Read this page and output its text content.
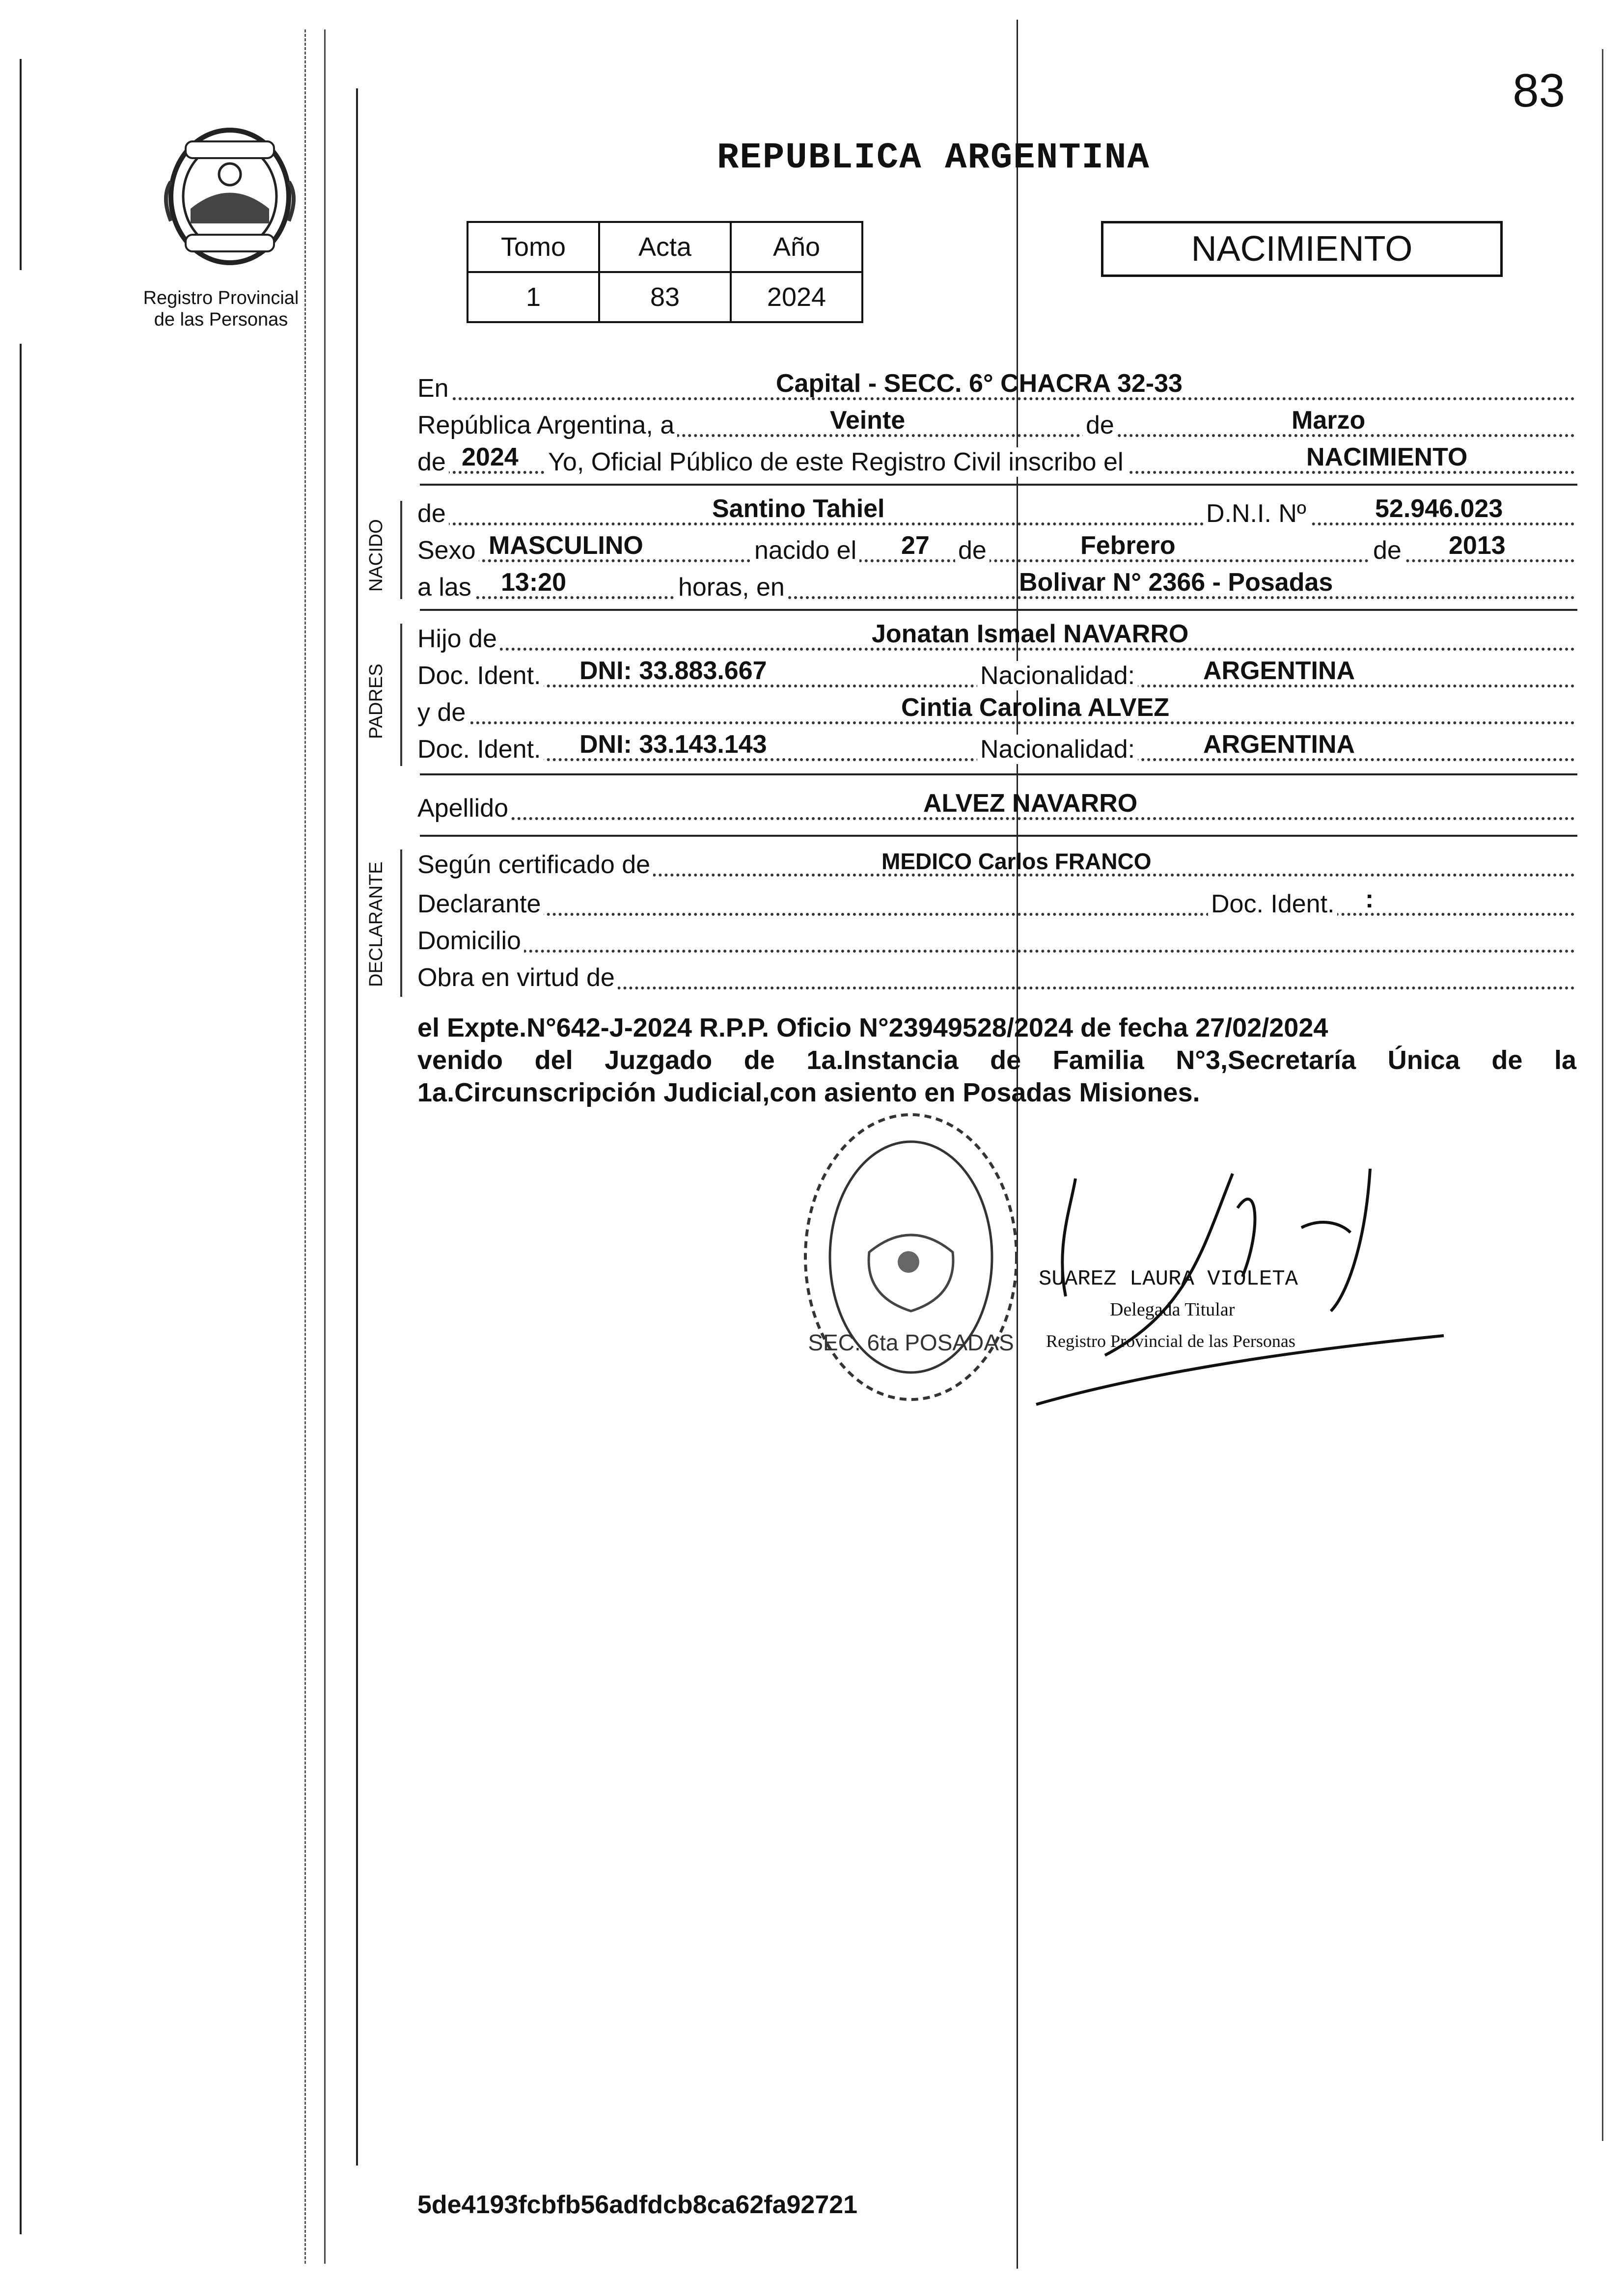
83
Registro Provincial
de las Personas
REPUBLICA ARGENTINA
Tomo	Acta	Año
1	83	2024
NACIMIENTO
En	Capital - SECC. 6° CHACRA 32-33
República Argentina, a	Veinte	de	Marzo
de 2024 Yo, Oficial Público de este Registro Civil inscribo el	NACIMIENTO
NACIDO
de	Santino Tahiel	D.N.I. Nº	52.946.023
Sexo MASCULINO	nacido el 27 de	Febrero	de 2013
a las 13:20	horas, en	Bolivar N° 2366 - Posadas
PADRES
Hijo de	Jonatan Ismael NAVARRO
Doc. Ident. DNI: 33.883.667	Nacionalidad:	ARGENTINA
y de	Cintia Carolina ALVEZ
Doc. Ident. DNI: 33.143.143	Nacionalidad:	ARGENTINA
Apellido	ALVEZ NAVARRO
DECLARANTE Según certificado de	MEDICO Carlos FRANCO
Declarante	Doc. Ident. :
Domicilio
Obra en virtud de
el Expte.N°642-J-2024 R.P.P. Oficio N°23949528/2024 de fecha 27/02/2024
venido del Juzgado de 1a.Instancia de Familia N°3,Secretaría Única de la
1a.Circunscripción Judicial,con asiento en Posadas Misiones.
SEC. 6ta POSADAS
SUAREZ LAURA VIOLETA
Delegada Titular
Registro Provincial de las Personas
5de4193fcbfb56adfdcb8ca62fa92721
